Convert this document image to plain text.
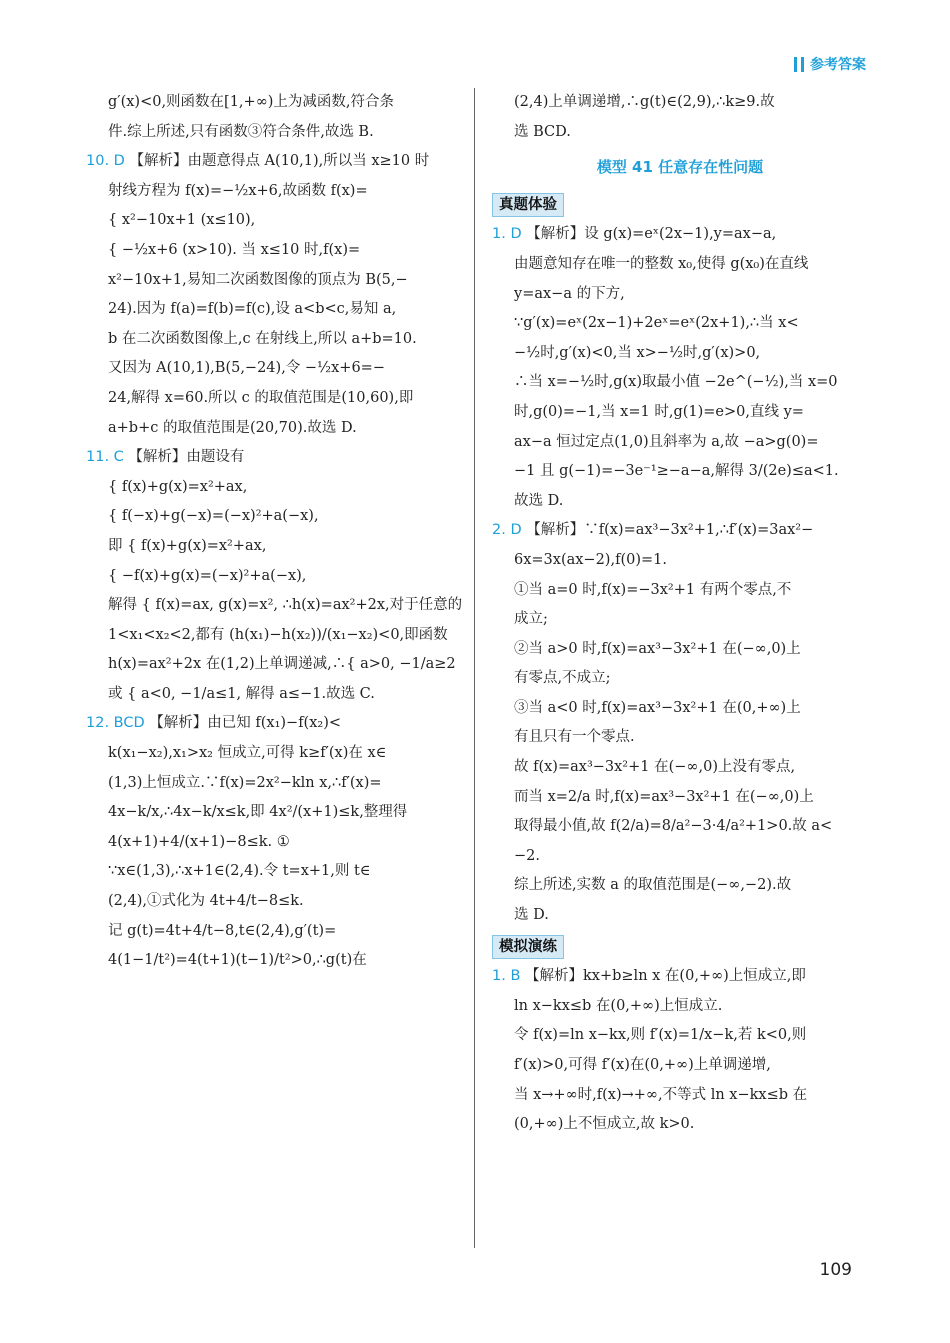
参考答案
g′(x)<0,则函数在[1,+∞)上为减函数,符合条
件.综上所述,只有函数③符合条件,故选 B.
10. D 【解析】由题意得点 A(10,1),所以当 x≥10 时
射线方程为 f(x)=−½x+6,故函数 f(x)=
{ x²−10x+1 (x≤10),
{ −½x+6 (x>10). 当 x≤10 时,f(x)=
x²−10x+1,易知二次函数图像的顶点为 B(5,−
24).因为 f(a)=f(b)=f(c),设 a<b<c,易知 a,
b 在二次函数图像上,c 在射线上,所以 a+b=10.
又因为 A(10,1),B(5,−24),令 −½x+6=−
24,解得 x=60.所以 c 的取值范围是(10,60),即
a+b+c 的取值范围是(20,70).故选 D.
11. C 【解析】由题设有
{ f(x)+g(x)=x²+ax,
{ f(−x)+g(−x)=(−x)²+a(−x),
即 { f(x)+g(x)=x²+ax,
{ −f(x)+g(x)=(−x)²+a(−x),
解得 { f(x)=ax, g(x)=x², ∴h(x)=ax²+2x,对于任意的
1<x₁<x₂<2,都有 (h(x₁)−h(x₂))/(x₁−x₂)<0,即函数
h(x)=ax²+2x 在(1,2)上单调递减,∴{ a>0, −1/a≥2
或 { a<0, −1/a≤1, 解得 a≤−1.故选 C.
12. BCD 【解析】由已知 f(x₁)−f(x₂)<
k(x₁−x₂),x₁>x₂ 恒成立,可得 k≥f′(x)在 x∈
(1,3)上恒成立.∵f(x)=2x²−kln x,∴f′(x)=
4x−k/x,∴4x−k/x≤k,即 4x²/(x+1)≤k,整理得
4(x+1)+4/(x+1)−8≤k. ①
∵x∈(1,3),∴x+1∈(2,4).令 t=x+1,则 t∈
(2,4),①式化为 4t+4/t−8≤k.
记 g(t)=4t+4/t−8,t∈(2,4),g′(t)=
4(1−1/t²)=4(t+1)(t−1)/t²>0,∴g(t)在
(2,4)上单调递增,∴g(t)∈(2,9),∴k≥9.故
选 BCD.
模型 41 任意存在性问题
真题体验
1. D 【解析】设 g(x)=eˣ(2x−1),y=ax−a,
由题意知存在唯一的整数 x₀,使得 g(x₀)在直线
y=ax−a 的下方,
∵g′(x)=eˣ(2x−1)+2eˣ=eˣ(2x+1),∴当 x<
−½时,g′(x)<0,当 x>−½时,g′(x)>0,
∴当 x=−½时,g(x)取最小值 −2e^(−½),当 x=0
时,g(0)=−1,当 x=1 时,g(1)=e>0,直线 y=
ax−a 恒过定点(1,0)且斜率为 a,故 −a>g(0)=
−1 且 g(−1)=−3e⁻¹≥−a−a,解得 3/(2e)≤a<1.
故选 D.
2. D 【解析】∵f(x)=ax³−3x²+1,∴f′(x)=3ax²−
6x=3x(ax−2),f(0)=1.
①当 a=0 时,f(x)=−3x²+1 有两个零点,不
成立;
②当 a>0 时,f(x)=ax³−3x²+1 在(−∞,0)上
有零点,不成立;
③当 a<0 时,f(x)=ax³−3x²+1 在(0,+∞)上
有且只有一个零点.
故 f(x)=ax³−3x²+1 在(−∞,0)上没有零点,
而当 x=2/a 时,f(x)=ax³−3x²+1 在(−∞,0)上
取得最小值,故 f(2/a)=8/a²−3·4/a²+1>0.故 a<
−2.
综上所述,实数 a 的取值范围是(−∞,−2).故
选 D.
模拟演练
1. B 【解析】kx+b≥ln x 在(0,+∞)上恒成立,即
ln x−kx≤b 在(0,+∞)上恒成立.
令 f(x)=ln x−kx,则 f′(x)=1/x−k,若 k<0,则
f′(x)>0,可得 f′(x)在(0,+∞)上单调递增,
当 x→+∞时,f(x)→+∞,不等式 ln x−kx≤b 在
(0,+∞)上不恒成立,故 k>0.
109
